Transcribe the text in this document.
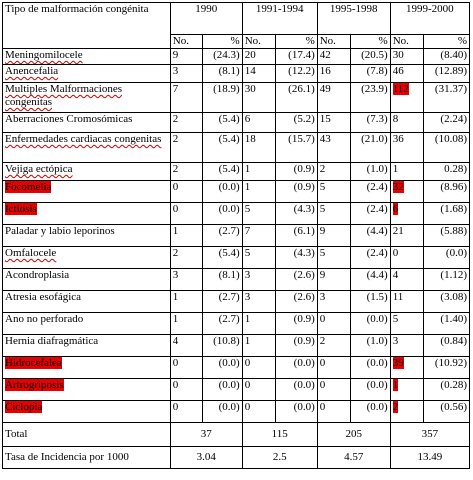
Tipo de malformación congénita	1990		1991-1994		1995-1998		1999-2000	
	No.	%	No.	%	No.	%	No.	%
Meningomilocele	9	(24.3)	20	(17.4)	42	(20.5)	30	(8.40)
Anencefalia	3	(8.1)	14	(12.2)	16	(7.8)	46	(12.89)
Multiples Malformaciones congenitas	7	(18.9)	30	(26.1)	49	(23.9)	112	(31.37)
Aberraciones Cromosómicas	2	(5.4)	6	(5.2)	15	(7.3)	8	(2.24)
Enfermedades cardiacas congenitas	2	(5.4)	18	(15.7)	43	(21.0)	36	(10.08)
Vejiga ectópica	2	(5.4)	1	(0.9)	2	(1.0)	1	0.28)
Focomelia	0	(0.0)	1	(0.9)	5	(2.4)	32	(8.96)
Ictiosis	0	(0.0)	5	(4.3)	5	(2.4)	6	(1.68)
Paladar y labio leporinos	1	(2.7)	7	(6.1)	9	(4.4)	21	(5.88)
Omfalocele	2	(5.4)	5	(4.3)	5	(2.4)	0	(0.0)
Acondroplasia	3	(8.1)	3	(2.6)	9	(4.4)	4	(1.12)
Atresia esofágica	1	(2.7)	3	(2.6)	3	(1.5)	11	(3.08)
Ano no perforado	1	(2.7)	1	(0.9)	0	(0.0)	5	(1.40)
Hernia diafragmática	4	(10.8)	1	(0.9)	2	(1.0)	3	(0.84)
Hidrocefalea	0	(0.0)	0	(0.0)	0	(0.0)	39	(10.92)
Artrogriposis	0	(0.0)	0	(0.0)	0	(0.0)	1	(0.28)
Ciclopia	0	(0.0)	0	(0.0)	0	(0.0)	2	(0.56)
Total	37		115		205		357	
Tasa de Incidencia por 1000	3.04		2.5		4.57		13.49	
